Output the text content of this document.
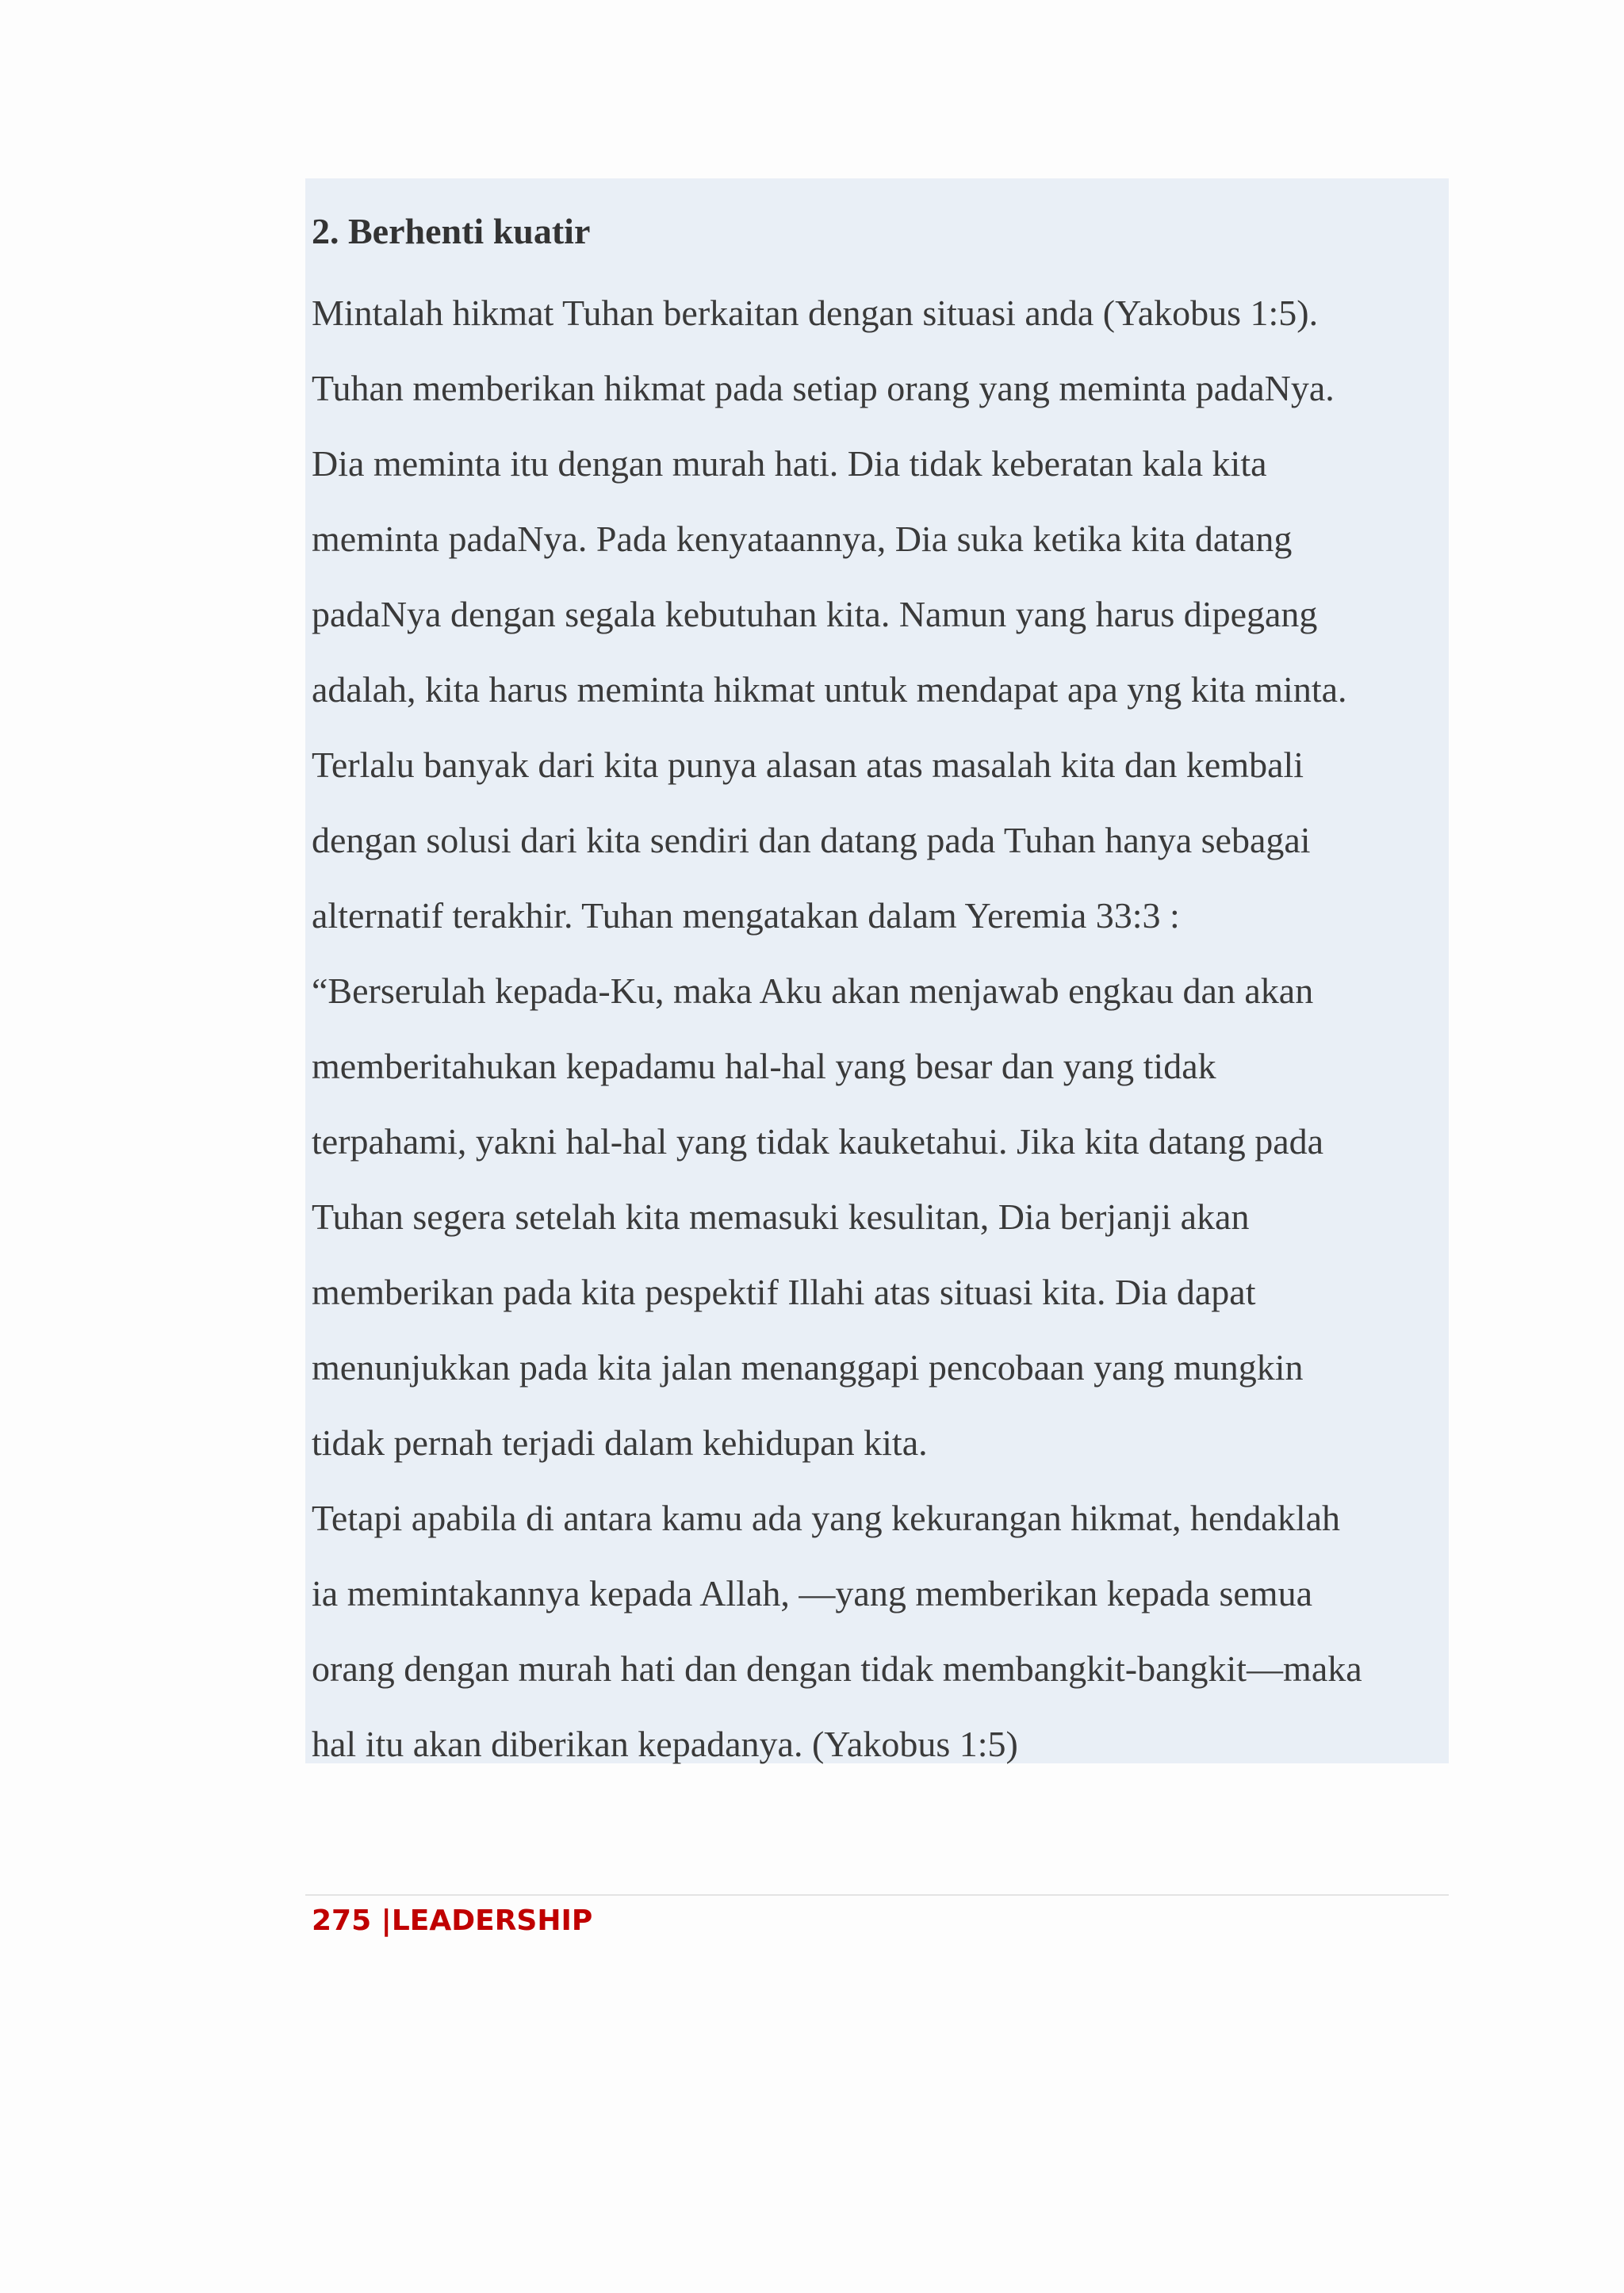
2. Berhenti kuatir
Mintalah hikmat Tuhan berkaitan dengan situasi anda (Yakobus 1:5).
Tuhan memberikan hikmat pada setiap orang yang meminta padaNya.
Dia meminta itu dengan murah hati. Dia tidak keberatan kala kita
meminta padaNya. Pada kenyataannya, Dia suka ketika kita datang
padaNya dengan segala kebutuhan kita. Namun yang harus dipegang
adalah, kita harus meminta hikmat untuk mendapat apa yng kita minta.
Terlalu banyak dari kita punya alasan atas masalah kita dan kembali
dengan solusi dari kita sendiri dan datang pada Tuhan hanya sebagai
alternatif terakhir. Tuhan mengatakan dalam Yeremia 33:3 :
“Berserulah kepada-Ku, maka Aku akan menjawab engkau dan akan
memberitahukan kepadamu hal-hal yang besar dan yang tidak
terpahami, yakni hal-hal yang tidak kauketahui. Jika kita datang pada
Tuhan segera setelah kita memasuki kesulitan, Dia berjanji akan
memberikan pada kita pespektif Illahi atas situasi kita. Dia dapat
menunjukkan pada kita jalan menanggapi pencobaan yang mungkin
tidak pernah terjadi dalam kehidupan kita.
Tetapi apabila di antara kamu ada yang kekurangan hikmat, hendaklah
ia memintakannya kepada Allah, —yang memberikan kepada semua
orang dengan murah hati dan dengan tidak membangkit-bangkit—maka
hal itu akan diberikan kepadanya. (Yakobus 1:5)
275 |LEADERSHIP
